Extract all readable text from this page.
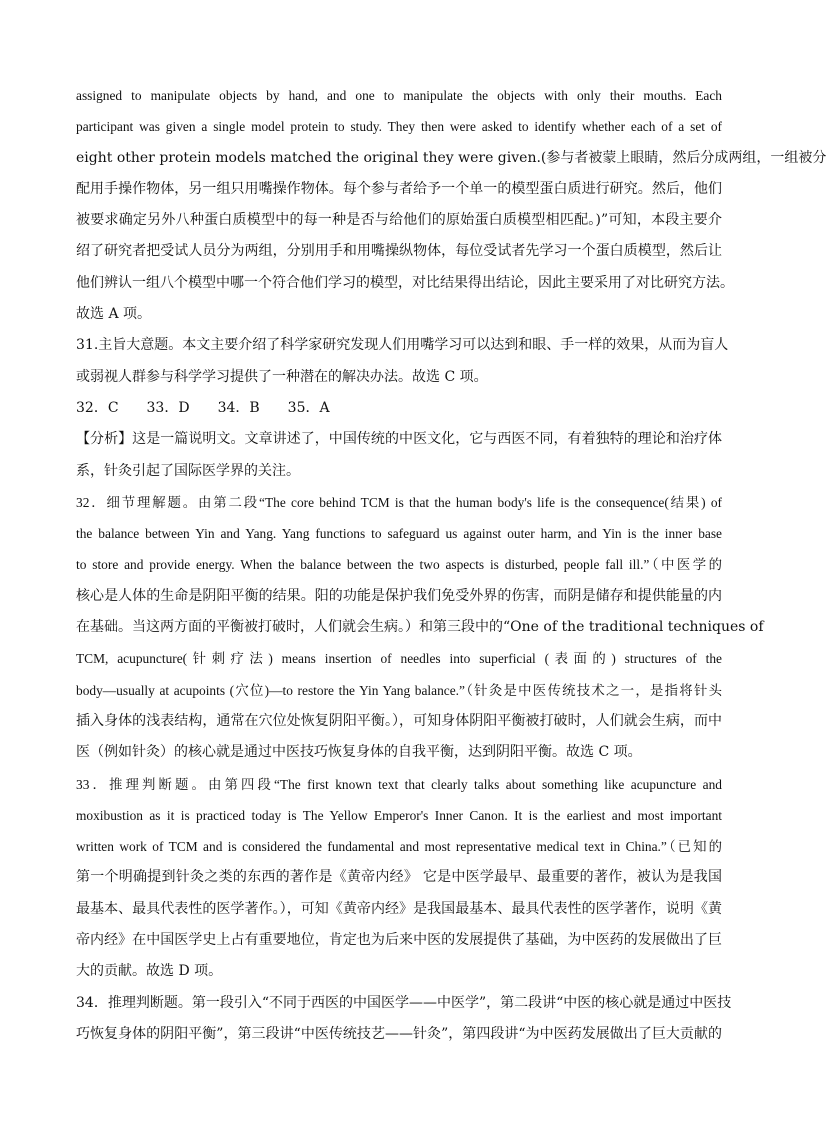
assigned to manipulate objects by hand, and one to manipulate the objects with only their mouths. Each
participant was given a single model protein to study. They then were asked to identify whether each of a set of
eight other protein models matched the original they were given.(参与者被蒙上眼睛，然后分成两组，一组被分
配用手操作物体，另一组只用嘴操作物体。每个参与者给予一个单一的模型蛋白质进行研究。然后，他们
被要求确定另外八种蛋白质模型中的每一种是否与给他们的原始蛋白质模型相匹配。)”可知，本段主要介
绍了研究者把受试人员分为两组，分别用手和用嘴操纵物体，每位受试者先学习一个蛋白质模型，然后让
他们辨认一组八个模型中哪一个符合他们学习的模型，对比结果得出结论，因此主要采用了对比研究方法。
故选 A 项。
31.主旨大意题。本文主要介绍了科学家研究发现人们用嘴学习可以达到和眼、手一样的效果，从而为盲人
或弱视人群参与科学学习提供了一种潜在的解决办法。故选 C 项。
32．C　　33．D　　34．B　　35．A
【分析】这是一篇说明文。文章讲述了，中国传统的中医文化，它与西医不同，有着独特的理论和治疗体
系，针灸引起了国际医学界的关注。
32．细节理解题。由第二段“The core behind TCM is that the human body's life is the consequence(结果) of
the balance between Yin and Yang. Yang functions to safeguard us against outer harm, and Yin is the inner base
to store and provide energy. When the balance between the two aspects is disturbed, people fall ill.”（中医学的
核心是人体的生命是阴阳平衡的结果。阳的功能是保护我们免受外界的伤害，而阴是储存和提供能量的内
在基础。当这两方面的平衡被打破时，人们就会生病。）和第三段中的“One of the traditional techniques of
TCM, acupuncture(针刺疗法) means insertion of needles into superficial (表面的) structures of the
body—usually at acupoints (穴位)—to restore the Yin Yang balance.”（针灸是中医传统技术之一，是指将针头
插入身体的浅表结构，通常在穴位处恢复阴阳平衡。），可知身体阴阳平衡被打破时，人们就会生病，而中
医（例如针灸）的核心就是通过中医技巧恢复身体的自我平衡，达到阴阳平衡。故选 C 项。
33．推理判断题。由第四段“The first known text that clearly talks about something like acupuncture and
moxibustion as it is practiced today is The Yellow Emperor's Inner Canon. It is the earliest and most important
written work of TCM and is considered the fundamental and most representative medical text in China.”（已知的
第一个明确提到针灸之类的东西的著作是《黄帝内经》 它是中医学最早、最重要的著作，被认为是我国
最基本、最具代表性的医学著作。），可知《黄帝内经》是我国最基本、最具代表性的医学著作，说明《黄
帝内经》在中国医学史上占有重要地位，肯定也为后来中医的发展提供了基础，为中医药的发展做出了巨
大的贡献。故选 D 项。
34．推理判断题。第一段引入“不同于西医的中国医学——中医学”，第二段讲“中医的核心就是通过中医技
巧恢复身体的阴阳平衡”，第三段讲“中医传统技艺——针灸”，第四段讲“为中医药发展做出了巨大贡献的
